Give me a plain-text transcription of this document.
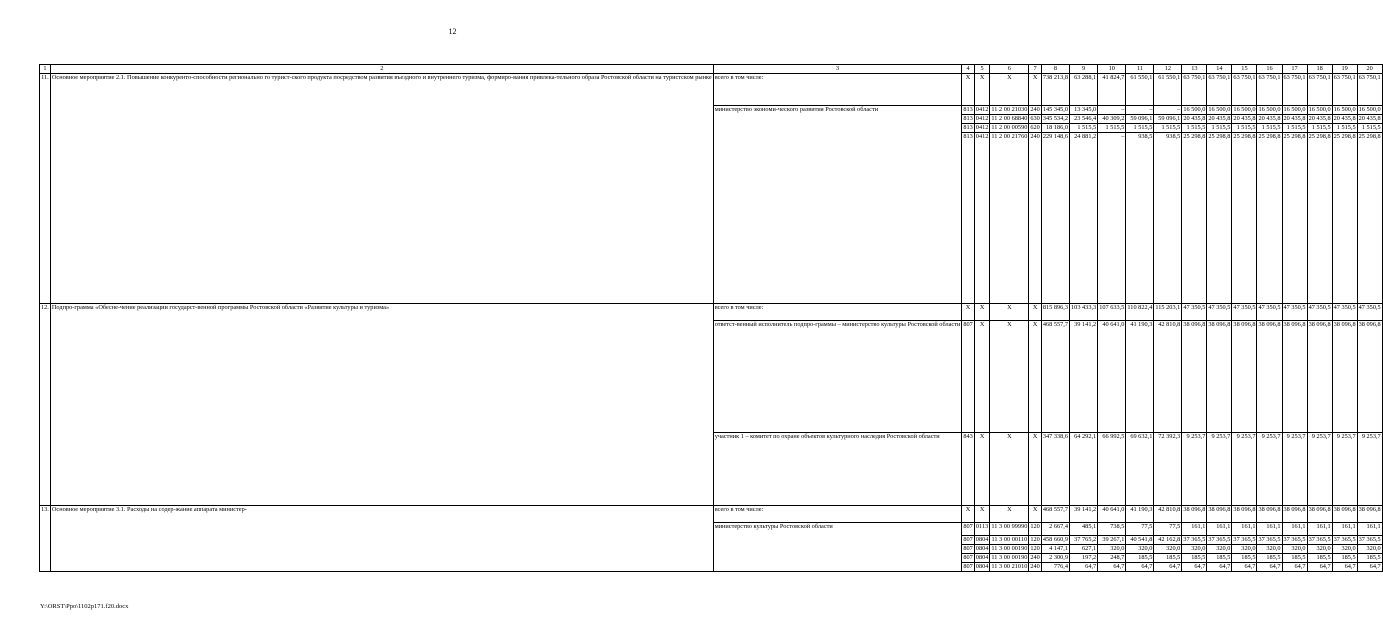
12
1	2	3	4	5	6	7	8	9	10	11	12	13	14	15	16	17	18	19	20
11.	Основное мероприятие 2.1. Повышение конкуренто-способности регионально го турист-ского продукта посредством развития въездного и внутреннего туризма, формиро-вания привлека-тельного образа Ростовской области на туристском рынке	всего в том числе:	X	X	X	X	738 213,8	63 288,1	41 824,7	61 550,1	61 550,1	63 750,1	63 750,1	63 750,1	63 750,1	63 750,1	63 750,1	63 750,1	63 750,1
		министерство экономи-ческого развития Ростовской области	813	0412	11 2 00 21030	240	145 345,0	13 345,0	–	–	–	16 500,0	16 500,0	16 500,0	16 500,0	16 500,0	16 500,0	16 500,0	16 500,0
			813	0412	11 2 00 68840	630	345 534,2	23 546,4	40 309,2	59 096,1	59 096,1	20 435,8	20 435,8	20 435,8	20 435,8	20 435,8	20 435,8	20 435,8	20 435,8
			813	0412	11 2 00 00590	620	18 186,0	1 515,5	1 515,5	1 515,5	1 515,5	1 515,5	1 515,5	1 515,5	1 515,5	1 515,5	1 515,5	1 515,5	1 515,5
			813	0412	11 2 00 21760	240	229 148,6	24 881,2	–	938,5	938,5	25 298,8	25 298,8	25 298,8	25 298,8	25 298,8	25 298,8	25 298,8	25 298,8
12.	Подпро-грамма «Обесне-чение реализации государст-венной программы Ростовской области «Развитие культуры и туризма»	всего в том числе:	X	X	X	X	815 896,3	103 433,3	107 633,5	110 822,4	115 203,1	47 350,5	47 350,5	47 350,5	47 350,5	47 350,5	47 350,5	47 350,5	47 350,5
		ответст-венный исполнитель подпро-граммы – министерство культуры Ростовской области	807	X	X	X	468 557,7	39 141,2	40 641,0	41 190,3	42 810,8	38 096,8	38 096,8	38 096,8	38 096,8	38 096,8	38 096,8	38 096,8	38 096,8
		участник 1 – комитет по охране объектов культурного наследия Ростовской области	843	X	X	X	347 338,6	64 292,1	66 992,5	69 632,1	72 392,3	9 253,7	9 253,7	9 253,7	9 253,7	9 253,7	9 253,7	9 253,7	9 253,7
13.	Основное мероприятие 3.1. Расходы на содер-жание аппарата министер-	всего в том числе:	X	X	X	X	468 557,7	39 141,2	40 641,0	41 190,3	42 810,8	38 096,8	38 096,8	38 096,8	38 096,8	38 096,8	38 096,8	38 096,8	38 096,8
		министерство культуры Ростовской области	807	0113	11 3 00 99990	120	2 667,4	485,1	738,5	77,5	77,5	161,1	161,1	161,1	161,1	161,1	161,1	161,1	161,1
			807	0804	11 3 00 00110	120	458 660,9	37 765,2	39 267,1	40 541,8	42 162,8	37 365,5	37 365,5	37 365,5	37 365,5	37 365,5	37 365,5	37 365,5	37 365,5
			807	0804	11 3 00 00190	120	4 147,1	627,1	320,0	320,0	320,0	320,0	320,0	320,0	320,0	320,0	320,0	320,0	320,0
			807	0804	11 3 00 00190	240	2 300,9	197,2	248,7	185,5	185,5	185,5	185,5	185,5	185,5	185,5	185,5	185,5	185,5
			807	0804	11 3 00 21010	240	776,4	64,7	64,7	64,7	64,7	64,7	64,7	64,7	64,7	64,7	64,7	64,7	64,7
Y:\ORST\Ppo\1102p171.f20.docx
